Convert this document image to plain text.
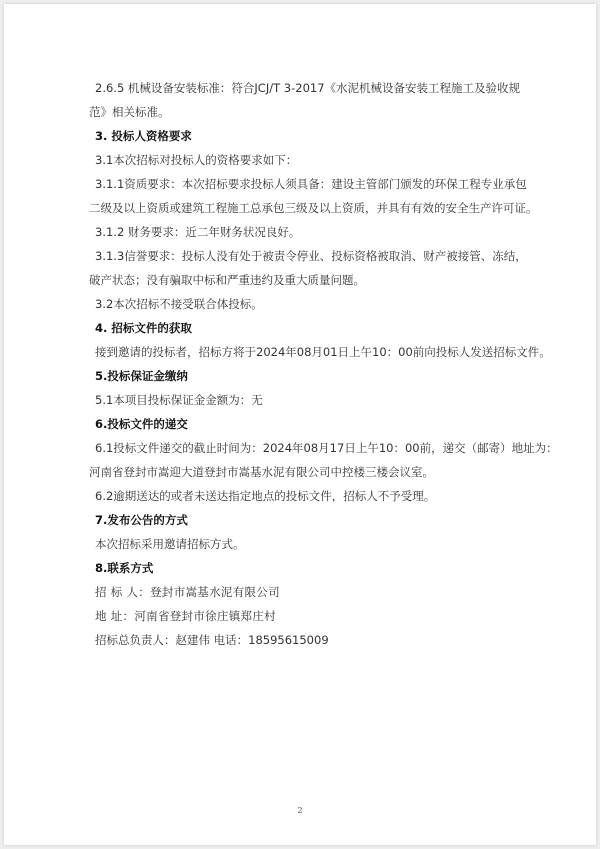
2.6.5 机械设备安装标准：符合JCJ/T 3-2017《水泥机械设备安装工程施工及验收规
范》相关标准。
3. 投标人资格要求
3.1本次招标对投标人的资格要求如下：
3.1.1资质要求：本次招标要求投标人须具备：建设主管部门颁发的环保工程专业承包
二级及以上资质或建筑工程施工总承包三级及以上资质，并具有有效的安全生产许可证。
3.1.2 财务要求：近二年财务状况良好。
3.1.3信誉要求：投标人没有处于被责令停业、投标资格被取消、财产被接管、冻结，
破产状态；没有骗取中标和严重违约及重大质量问题。
3.2本次招标不接受联合体投标。
4. 招标文件的获取
接到邀请的投标者，招标方将于2024年08月01日上午10：00前向投标人发送招标文件。
5.投标保证金缴纳
5.1本项目投标保证金金额为：无
6.投标文件的递交
6.1投标文件递交的截止时间为：2024年08月17日上午10：00前，递交（邮寄）地址为：
河南省登封市嵩迎大道登封市嵩基水泥有限公司中控楼三楼会议室。
6.2逾期送达的或者未送达指定地点的投标文件，招标人不予受理。
7.发布公告的方式
本次招标采用邀请招标方式。
8.联系方式
招 标 人：登封市嵩基水泥有限公司
地 址：河南省登封市徐庄镇郑庄村
招标总负责人：赵建伟 电话：18595615009
2
